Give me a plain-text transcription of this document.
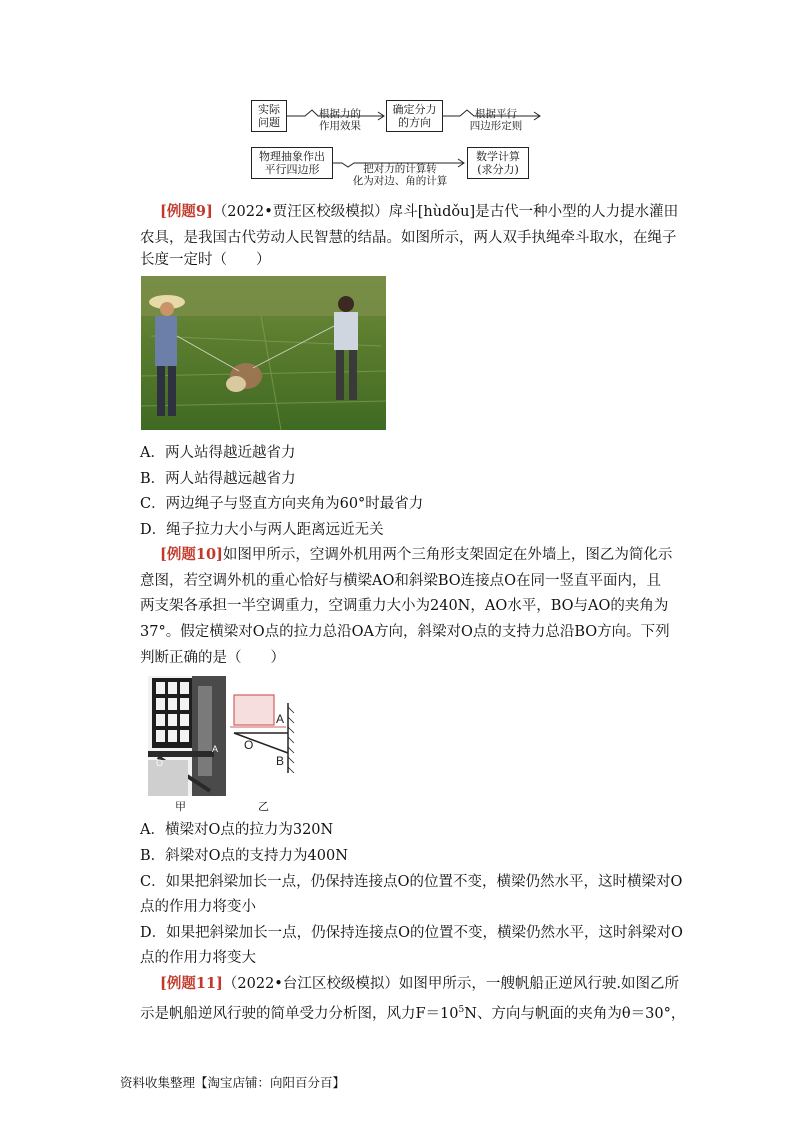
实际
问题
根据力的
作用效果
确定分力
的方向
根据平行
四边形定则
物理抽象作出
平行四边形	把对力的计算转
化为对边、角的计算
数学计算
(求分力)
[例题9]（2022•贾汪区校级模拟）戽斗[hùdǒu]是古代一种小型的人力提水灌田
农具，是我国古代劳动人民智慧的结晶。如图所示，两人双手执绳牵斗取水，在绳子
长度一定时（　　）
A．两人站得越近越省力
B．两人站得越远越省力
C．两边绳子与竖直方向夹角为60°时最省力
D．绳子拉力大小与两人距离远近无关
[例题10]如图甲所示，空调外机用两个三角形支架固定在外墙上，图乙为简化示
意图，若空调外机的重心恰好与横梁AO和斜梁BO连接点O在同一竖直平面内，且
两支架各承担一半空调重力，空调重力大小为240N，AO水平，BO与AO的夹角为
37°。假定横梁对O点的拉力总沿OA方向，斜梁对O点的支持力总沿BO方向。下列
判断正确的是（　　）
A
O
甲
A
O
B
乙
A．横梁对O点的拉力为320N
B．斜梁对O点的支持力为400N
C．如果把斜梁加长一点，仍保持连接点O的位置不变，横梁仍然水平，这时横梁对O
点的作用力将变小
D．如果把斜梁加长一点，仍保持连接点O的位置不变，横梁仍然水平，这时斜梁对O
点的作用力将变大
[例题11]（2022•台江区校级模拟）如图甲所示，一艘帆船正逆风行驶.如图乙所
示是帆船逆风行驶的简单受力分析图，风力$F=10^5N$、方向与帆面的夹角为θ＝30°，
资料收集整理【淘宝店铺：向阳百分百】
